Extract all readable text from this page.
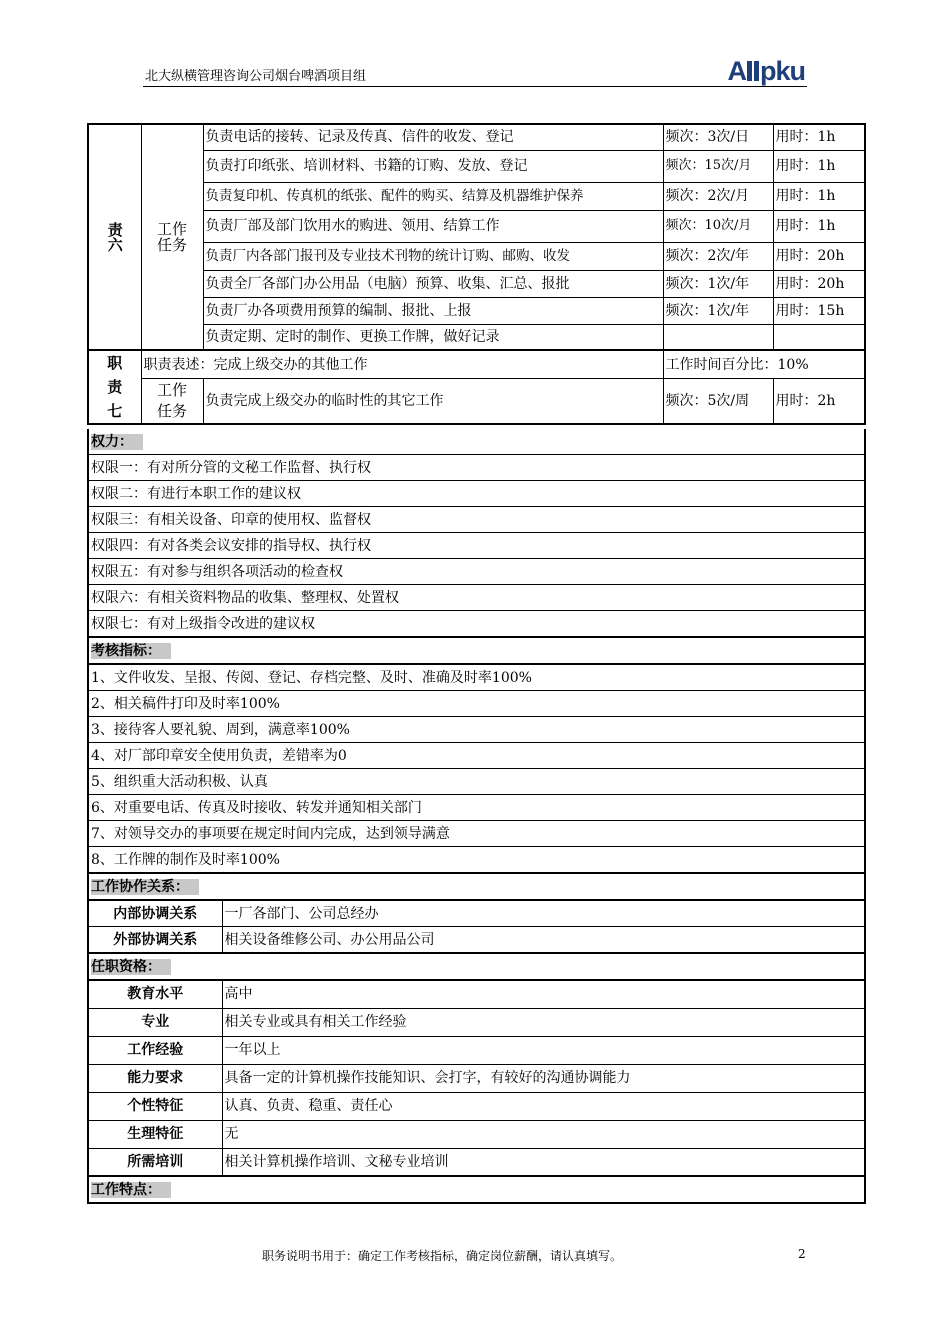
北大纵横管理咨询公司烟台啤酒项目组	A pku
责六	工作任务	负责电话的接转、记录及传真、信件的收发、登记	频次：3次/日	用时：1h
		负责打印纸张、培训材料、书籍的订购、发放、登记	频次：15次/月	用时：1h
		负责复印机、传真机的纸张、配件的购买、结算及机器维护保养	频次：2次/月	用时：1h
		负责厂部及部门饮用水的购进、领用、结算工作	频次：10次/月	用时：1h
		负责厂内各部门报刊及专业技术刊物的统计订购、邮购、收发	频次：2次/年	用时：20h
		负责全厂各部门办公用品（电脑）预算、收集、汇总、报批	频次：1次/年	用时：20h
		负责厂办各项费用预算的编制、报批、上报	频次：1次/年	用时：15h
		负责定期、定时的制作、更换工作牌，做好记录		

职
责
七	职责表述：完成上级交办的其他工作		工作时间百分比：10%	
	工作任务	负责完成上级交办的临时性的其它工作	频次：5次/周	用时：2h
权力：	
权限一：有对所分管的文秘工作监督、执行权	
权限二：有进行本职工作的建议权	
权限三：有相关设备、印章的使用权、监督权	
权限四：有对各类会议安排的指导权、执行权	
权限五：有对参与组织各项活动的检查权	
权限六：有相关资料物品的收集、整理权、处置权	
权限七：有对上级指令改进的建议权	
考核指标：	
1、文件收发、呈报、传阅、登记、存档完整、及时、准确及时率100%	
2、相关稿件打印及时率100%	
3、接待客人要礼貌、周到，满意率100%	
4、对厂部印章安全使用负责，差错率为0	
5、组织重大活动积极、认真	
6、对重要电话、传真及时接收、转发并通知相关部门	
7、对领导交办的事项要在规定时间内完成，达到领导满意	
8、工作牌的制作及时率100%	
工作协作关系：	
内部协调关系	一厂各部门、公司总经办
外部协调关系	相关设备维修公司、办公用品公司
任职资格：	
教育水平	高中
专业	相关专业或具有相关工作经验
工作经验	一年以上
能力要求	具备一定的计算机操作技能知识、会打字，有较好的沟通协调能力
个性特征	认真、负责、稳重、责任心
生理特征	无
所需培训	相关计算机操作培训、文秘专业培训
工作特点：	
职务说明书用于：确定工作考核指标，确定岗位薪酬，请认真填写。	2
